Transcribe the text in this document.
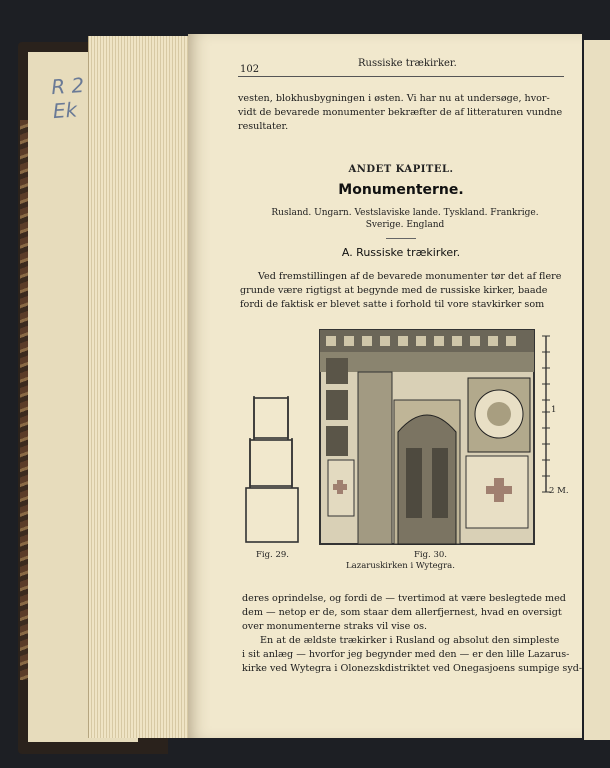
R 2
Ek
102
Russiske trækirker.
vesten, blokhusbygningen i østen. Vi har nu at undersøge, hvor-
vidt de bevarede monumenter bekræfter de af litteraturen vundne
resultater.
ANDET KAPITEL.
Monumenterne.
Rusland. Ungarn. Vestslaviske lande. Tyskland. Frankrige.
Sverige. England
A. Russiske trækirker.
Ved fremstillingen af de bevarede monumenter tør det af flere
grunde være rigtigst at begynde med de russiske kirker, baade
fordi de faktisk er blevet satte i forhold til vore stavkirker som
1
2 M.
Fig. 29.	Fig. 30.
Lazaruskirken i Wytegra.
deres oprindelse, og fordi de — tvertimod at være beslegtede med
dem — netop er de, som staar dem allerfjernest, hvad en oversigt
over monumenterne straks vil vise os.
En at de ældste trækirker i Rusland og absolut den simpleste
i sit anlæg — hvorfor jeg begynder med den — er den lille Lazarus-
kirke ved Wytegra i Olonezskdistriktet ved Onegasjoens sumpige syd-
